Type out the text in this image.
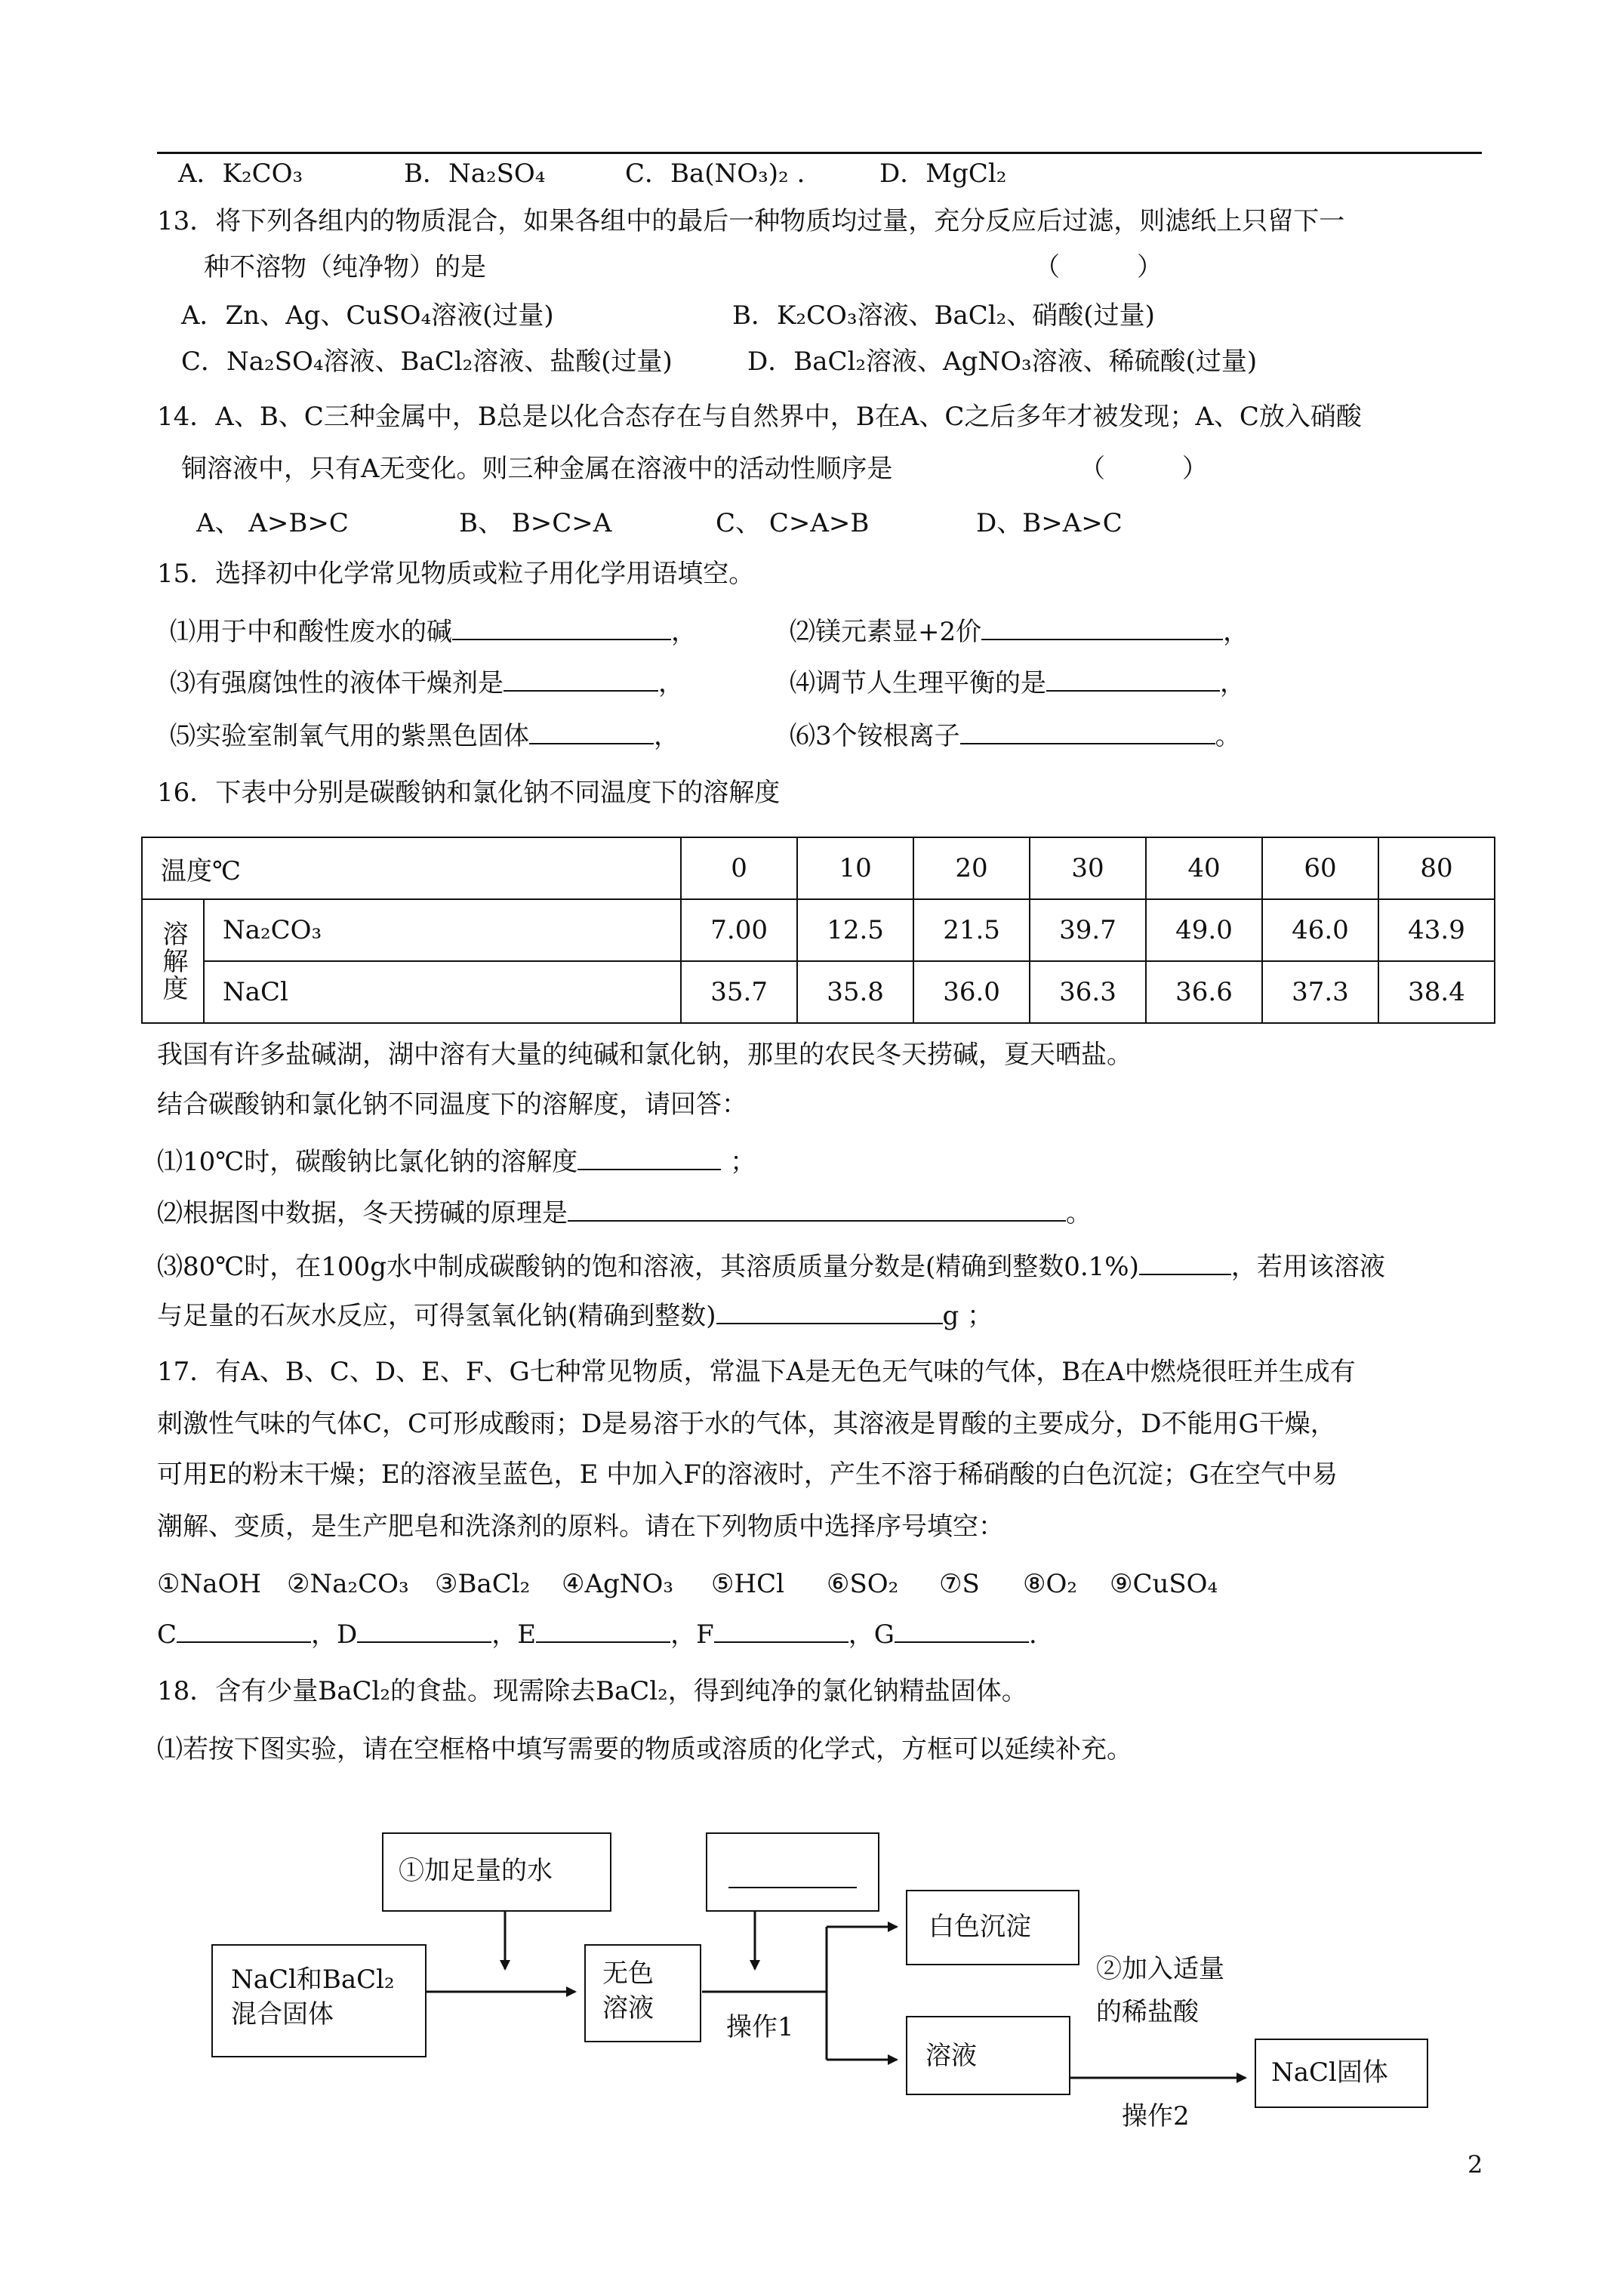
A．K₂CO₃	B．Na₂SO₄	C．Ba(NO₃)₂ .	D．MgCl₂
13．将下列各组内的物质混合，如果各组中的最后一种物质均过量，充分反应后过滤，则滤纸上只留下一
种不溶物（纯净物）的是	（　　　）
A．Zn、Ag、CuSO₄溶液(过量)	B．K₂CO₃溶液、BaCl₂、硝酸(过量)
C．Na₂SO₄溶液、BaCl₂溶液、盐酸(过量)	D．BaCl₂溶液、AgNO₃溶液、稀硫酸(过量)
14．A、B、C三种金属中，B总是以化合态存在与自然界中，B在A、C之后多年才被发现；A、C放入硝酸
铜溶液中，只有A无变化。则三种金属在溶液中的活动性顺序是	（　　　）
A、 A>B>C	B、 B>C>A	C、 C>A>B	D、B>A>C
15．选择初中化学常见物质或粒子用化学用语填空。
⑴用于中和酸性废水的碱	，	⑵镁元素显+2价	，
⑶有强腐蚀性的液体干燥剂是	，	⑷调节人生理平衡的是	，
⑸实验室制氧气用的紫黑色固体	，	⑹3个铵根离子	。
16．下表中分别是碳酸钠和氯化钠不同温度下的溶解度
温度℃		0	10	20	30	40	60	80

溶解度	Na₂CO₃	7.00	12.5	21.5	39.7	49.0	46.0	43.9
	NaCl	35.7	35.8	36.0	36.3	36.6	37.3	38.4
我国有许多盐碱湖，湖中溶有大量的纯碱和氯化钠，那里的农民冬天捞碱，夏天晒盐。
结合碳酸钠和氯化钠不同温度下的溶解度，请回答：
⑴10℃时，碳酸钠比氯化钠的溶解度	；
⑵根据图中数据，冬天捞碱的原理是	。
⑶80℃时，在100g水中制成碳酸钠的饱和溶液，其溶质质量分数是(精确到整数0.1%)	，若用该溶液
与足量的石灰水反应，可得氢氧化钠(精确到整数)	g ；
17．有A、B、C、D、E、F、G七种常见物质，常温下A是无色无气味的气体，B在A中燃烧很旺并生成有
刺激性气味的气体C，C可形成酸雨；D是易溶于水的气体，其溶液是胃酸的主要成分，D不能用G干燥，
可用E的粉末干燥；E的溶液呈蓝色，E 中加入F的溶液时，产生不溶于稀硝酸的白色沉淀；G在空气中易
潮解、变质，是生产肥皂和洗涤剂的原料。请在下列物质中选择序号填空：
①NaOH ②Na₂CO₃ ③BaCl₂ ④AgNO₃ ⑤HCl ⑥SO₂ ⑦S ⑧O₂ ⑨CuSO₄
C	，D	，E	，F	，G	.
18．含有少量BaCl₂的食盐。现需除去BaCl₂，得到纯净的氯化钠精盐固体。
⑴若按下图实验，请在空框格中填写需要的物质或溶质的化学式，方框可以延续补充。
①加足量的水
NaCl和BaCl₂
混合固体
无色
溶液
操作1
白色沉淀
溶液
②加入适量
的稀盐酸
NaCl固体
操作2
2
